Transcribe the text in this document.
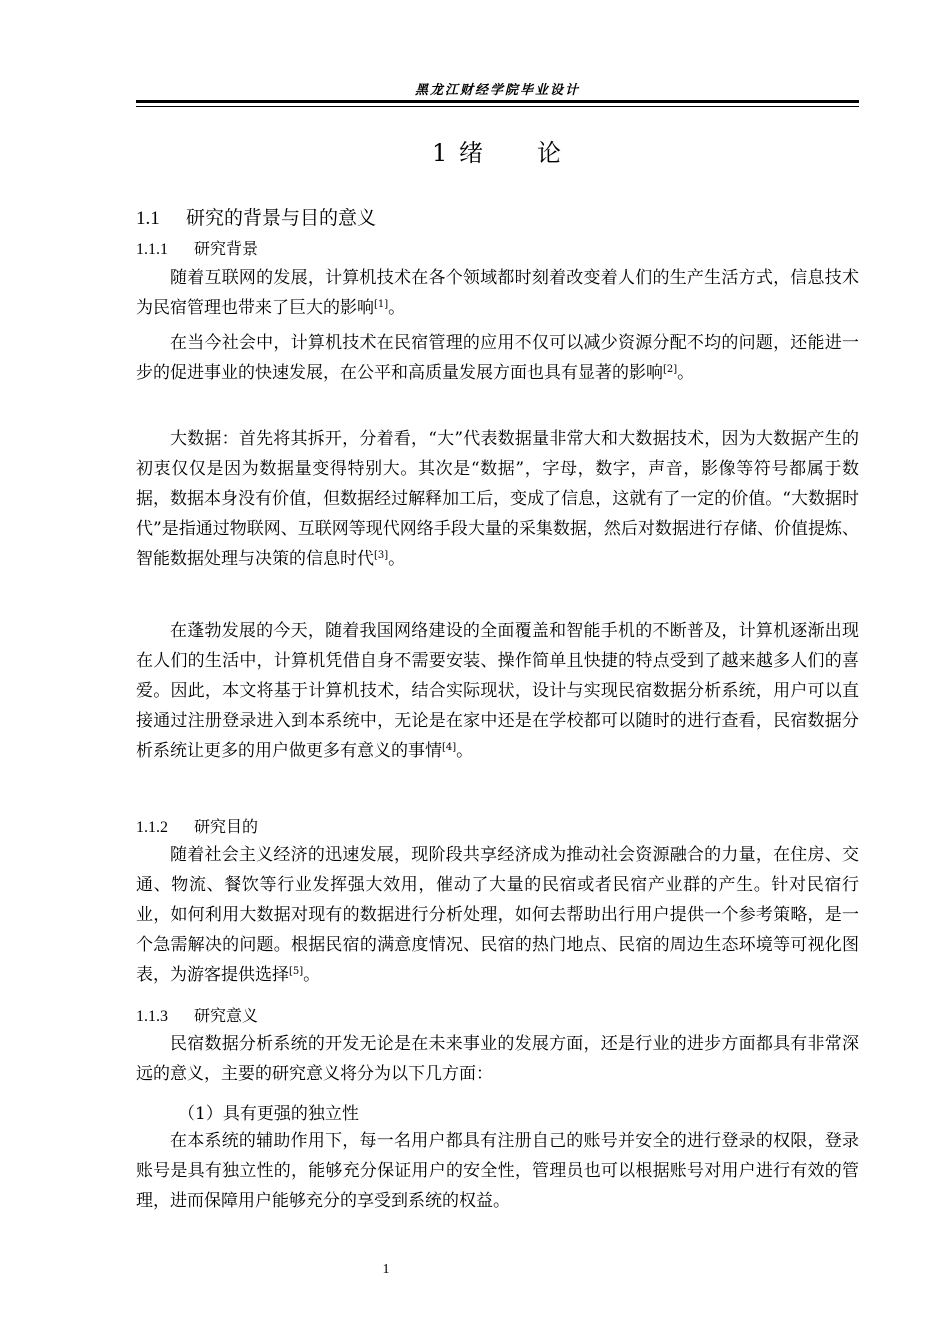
黑龙江财经学院毕业设计
1 绪　　论
1.1 研究的背景与目的意义
1.1.1 研究背景

随着互联网的发展，计算机技术在各个领域都时刻着改变着人们的生产生活方式，信息技术为民宿管理也带来了巨大的影响[1]。

在当今社会中，计算机技术在民宿管理的应用不仅可以减少资源分配不均的问题，还能进一步的促进事业的快速发展，在公平和高质量发展方面也具有显著的影响[2]。

大数据：首先将其拆开，分着看，“大”代表数据量非常大和大数据技术，因为大数据产生的初衷仅仅是因为数据量变得特别大。其次是“数据”，字母，数字，声音，影像等符号都属于数据，数据本身没有价值，但数据经过解释加工后，变成了信息，这就有了一定的价值。“大数据时代”是指通过物联网、互联网等现代网络手段大量的采集数据，然后对数据进行存储、价值提炼、智能数据处理与决策的信息时代[3]。

在蓬勃发展的今天，随着我国网络建设的全面覆盖和智能手机的不断普及，计算机逐渐出现在人们的生活中，计算机凭借自身不需要安装、操作简单且快捷的特点受到了越来越多人们的喜爱。因此，本文将基于计算机技术，结合实际现状，设计与实现民宿数据分析系统，用户可以直接通过注册登录进入到本系统中，无论是在家中还是在学校都可以随时的进行查看，民宿数据分析系统让更多的用户做更多有意义的事情[4]。

1.1.2 研究目的

随着社会主义经济的迅速发展，现阶段共享经济成为推动社会资源融合的力量，在住房、交通、物流、餐饮等行业发挥强大效用，催动了大量的民宿或者民宿产业群的产生。针对民宿行业，如何利用大数据对现有的数据进行分析处理，如何去帮助出行用户提供一个参考策略，是一个急需解决的问题。根据民宿的满意度情况、民宿的热门地点、民宿的周边生态环境等可视化图表，为游客提供选择[5]。

1.1.3 研究意义

民宿数据分析系统的开发无论是在未来事业的发展方面，还是行业的进步方面都具有非常深远的意义，主要的研究意义将分为以下几方面：

（1）具有更强的独立性

在本系统的辅助作用下，每一名用户都具有注册自己的账号并安全的进行登录的权限，登录账号是具有独立性的，能够充分保证用户的安全性，管理员也可以根据账号对用户进行有效的管理，进而保障用户能够充分的享受到系统的权益。

1
